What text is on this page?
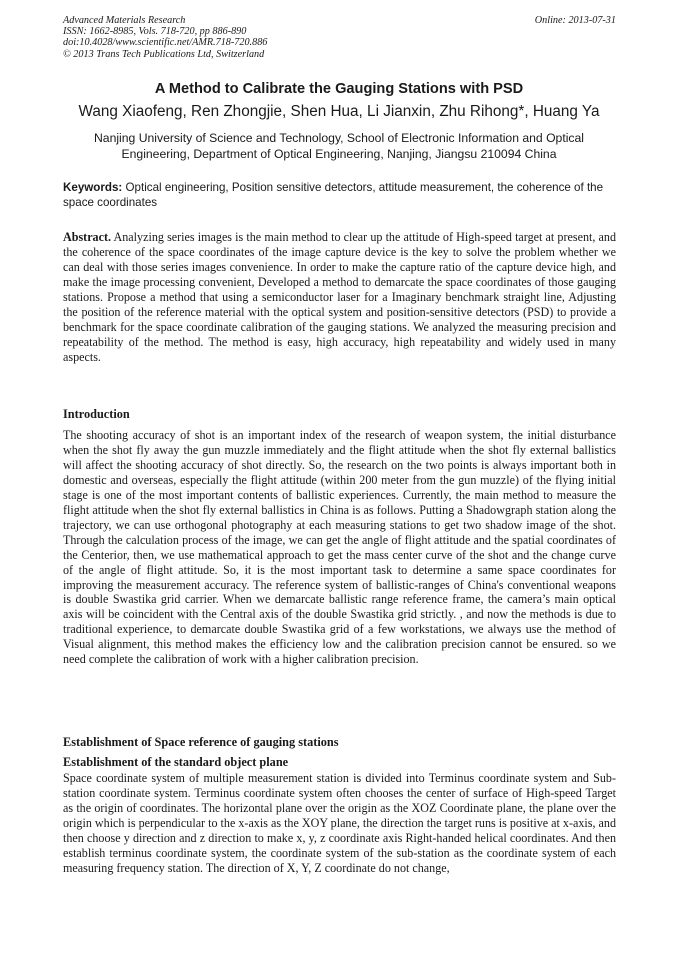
Advanced Materials Research
ISSN: 1662-8985, Vols. 718-720, pp 886-890
doi:10.4028/www.scientific.net/AMR.718-720.886
© 2013 Trans Tech Publications Ltd, Switzerland
Online: 2013-07-31
A Method to Calibrate the Gauging Stations with PSD
Wang Xiaofeng, Ren Zhongjie, Shen Hua, Li Jianxin, Zhu Rihong*, Huang Ya
Nanjing University of Science and Technology, School of Electronic Information and Optical Engineering, Department of Optical Engineering, Nanjing, Jiangsu 210094 China
Keywords: Optical engineering, Position sensitive detectors, attitude measurement, the coherence of the space coordinates
Abstract. Analyzing series images is the main method to clear up the attitude of High-speed target at present, and the coherence of the space coordinates of the image capture device is the key to solve the problem whether we can deal with those series images convenience. In order to make the capture ratio of the capture device high, and make the image processing convenient, Developed a method to demarcate the space coordinates of those gauging stations. Propose a method that using a semiconductor laser for a Imaginary benchmark straight line, Adjusting the position of the reference material with the optical system and position-sensitive detectors (PSD) to provide a benchmark for the space coordinate calibration of the gauging stations. We analyzed the measuring precision and repeatability of the method. The method is easy, high accuracy, high repeatability and widely used in many aspects.
Introduction
The shooting accuracy of shot is an important index of the research of weapon system, the initial disturbance when the shot fly away the gun muzzle immediately and the flight attitude when the shot fly external ballistics will affect the shooting accuracy of shot directly. So, the research on the two points is always important both in domestic and overseas, especially the flight attitude (within 200 meter from the gun muzzle) of the flying initial stage is one of the most important contents of ballistic experiences. Currently, the main method to measure the flight attitude when the shot fly external ballistics in China is as follows. Putting a Shadowgraph station along the trajectory, we can use orthogonal photography at each measuring stations to get two shadow image of the shot. Through the calculation process of the image, we can get the angle of flight attitude and the spatial coordinates of the Centerior, then, we use mathematical approach to get the mass center curve of the shot and the change curve of the angle of flight attitude. So, it is the most important task to determine a same space coordinates for improving the measurement accuracy. The reference system of ballistic-ranges of China's conventional weapons is double Swastika grid carrier. When we demarcate ballistic range reference frame, the camera’s main optical axis will be coincident with the Central axis of the double Swastika grid strictly. , and now the methods is due to traditional experience, to demarcate double Swastika grid of a few workstations, we always use the method of Visual alignment, this method makes the efficiency low and the calibration precision cannot be ensured. so we need complete the calibration of work with a higher calibration precision.
Establishment of Space reference of gauging stations
Establishment of the standard object plane
Space coordinate system of multiple measurement station is divided into Terminus coordinate system and Sub-station coordinate system. Terminus coordinate system often chooses the center of surface of High-speed Target as the origin of coordinates. The horizontal plane over the origin as the XOZ Coordinate plane, the plane over the origin which is perpendicular to the x-axis as the XOY plane, the direction the target runs is positive at x-axis, and then choose y direction and z direction to make x, y, z coordinate axis Right-handed helical coordinates. And then establish terminus coordinate system, the coordinate system of the sub-station as the coordinate system of each measuring frequency station. The direction of X, Y, Z coordinate do not change,
